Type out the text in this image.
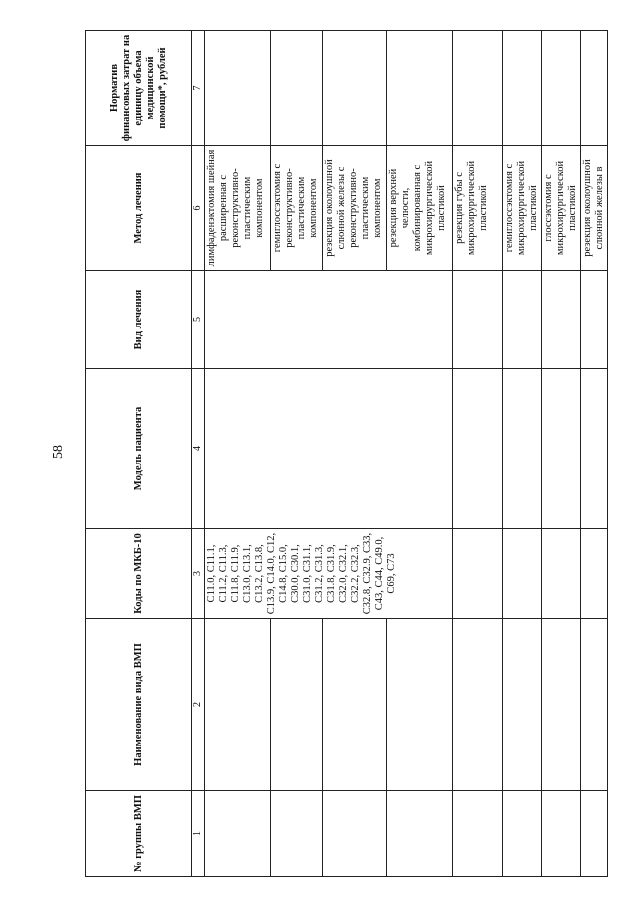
58
№ группы ВМП	Наименование вида ВМП	Коды по МКБ-10	Модель пациента	Вид лечения	Метод лечения	Норматив финансовых затрат на единицу объема медицинской помощи*, рублей
1	2	3	4	5	6	7
		С11.0, С11.1, С11.2, С11.3, С11.8, С11.9, С13.0, С13.1, С13.2, С13.8, С13.9, С14.0, С12, С14.8, С15.0, С30.0, С30.1, С31.0, С31.1, С31.2, С31.3, С31.8, С31.9, С32.0, С32.1, С32.2, С32.3, С32.8, С32.9, С33, С43, С44, С49.0, С69, С73			лимфаденэктомия шейная расширенная с реконструктивно-пластическим компонентом	
					гемиглоссэктомия с реконструктивно-пластическим компонентом	
					резекция околоушной слюнной железы с реконструктивно-пластическим компонентом	
					резекция верхней челюсти, комбинированная с микрохирургической пластикой	
					резекция губы с микрохирургической пластикой	
					гемиглоссэктомия с микрохирургической пластикой	
					глоссэктомия с микрохирургической пластикой	
					резекция околоушной слюнной железы в	
